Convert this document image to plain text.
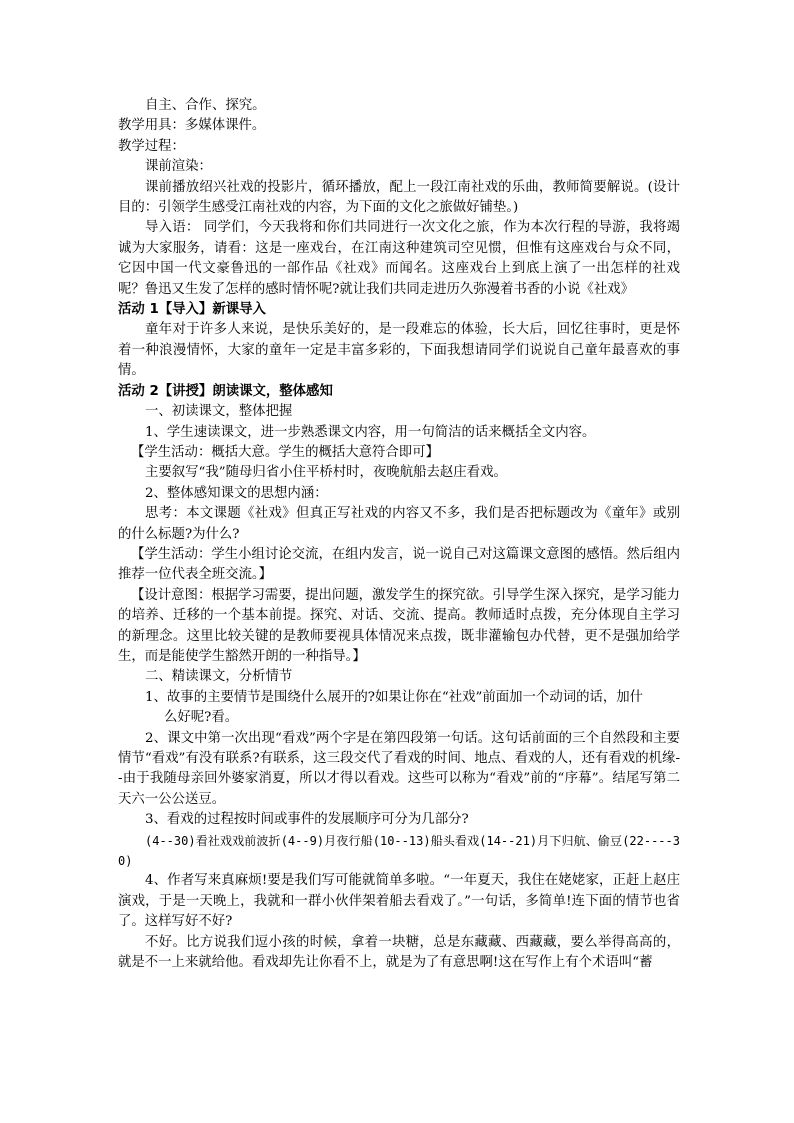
自主、合作、探究。

教学用具：多媒体课件。

教学过程：

课前渲染：

课前播放绍兴社戏的投影片，循环播放，配上一段江南社戏的乐曲，教师简要解说。(设计目的：引领学生感受江南社戏的内容，为下面的文化之旅做好铺垫。)

导入语： 同学们，今天我将和你们共同进行一次文化之旅，作为本次行程的导游，我将竭诚为大家服务，请看：这是一座戏台，在江南这种建筑司空见惯，但惟有这座戏台与众不同，它因中国一代文豪鲁迅的一部作品《社戏》而闻名。这座戏台上到底上演了一出怎样的社戏呢？鲁迅又生发了怎样的感时情怀呢?就让我们共同走进历久弥漫着书香的小说《社戏》

活动 1【导入】新课导入

童年对于许多人来说，是快乐美好的，是一段难忘的体验，长大后，回忆往事时，更是怀着一种浪漫情怀，大家的童年一定是丰富多彩的，下面我想请同学们说说自己童年最喜欢的事情。

活动 2【讲授】朗读课文，整体感知

一、初读课文，整体把握

1、学生速读课文，进一步熟悉课文内容，用一句简洁的话来概括全文内容。

【学生活动：概括大意。学生的概括大意符合即可】

主要叙写“我”随母归省小住平桥村时，夜晚航船去赵庄看戏。

2、整体感知课文的思想内涵：

思考：本文课题《社戏》但真正写社戏的内容又不多，我们是否把标题改为《童年》或别的什么标题?为什么?

【学生活动：学生小组讨论交流，在组内发言，说一说自己对这篇课文意图的感悟。然后组内推荐一位代表全班交流。】

【设计意图：根据学习需要，提出问题，激发学生的探究欲。引导学生深入探究，是学习能力的培养、迁移的一个基本前提。探究、对话、交流、提高。教师适时点拨，充分体现自主学习的新理念。这里比较关键的是教师要视具体情况来点拨，既非灌输包办代替，更不是强加给学生，而是能使学生豁然开朗的一种指导。】

二、精读课文，分析情节

1、故事的主要情节是围绕什么展开的?如果让你在“社戏”前面加一个动词的话，加什

么好呢?看。

2、课文中第一次出现“看戏”两个字是在第四段第一句话。这句话前面的三个自然段和主要情节“看戏”有没有联系?有联系，这三段交代了看戏的时间、地点、看戏的人，还有看戏的机缘--由于我随母亲回外婆家消夏，所以才得以看戏。这些可以称为“看戏”前的“序幕”。结尾写第二天六一公公送豆。

3、看戏的过程按时间或事件的发展顺序可分为几部分?

(4--30)看社戏戏前波折(4--9)月夜行船(10--13)船头看戏(14--21)月下归航、偷豆(22----30)

4、作者写来真麻烦!要是我们写可能就简单多啦。“一年夏天，我住在姥姥家，正赶上赵庄演戏，于是一天晚上，我就和一群小伙伴架着船去看戏了。”一句话，多简单!连下面的情节也省了。这样写好不好?

不好。比方说我们逗小孩的时候，拿着一块糖，总是东藏藏、西藏藏，要么举得高高的，就是不一上来就给他。看戏却先让你看不上，就是为了有意思啊!这在写作上有个术语叫“蓄
